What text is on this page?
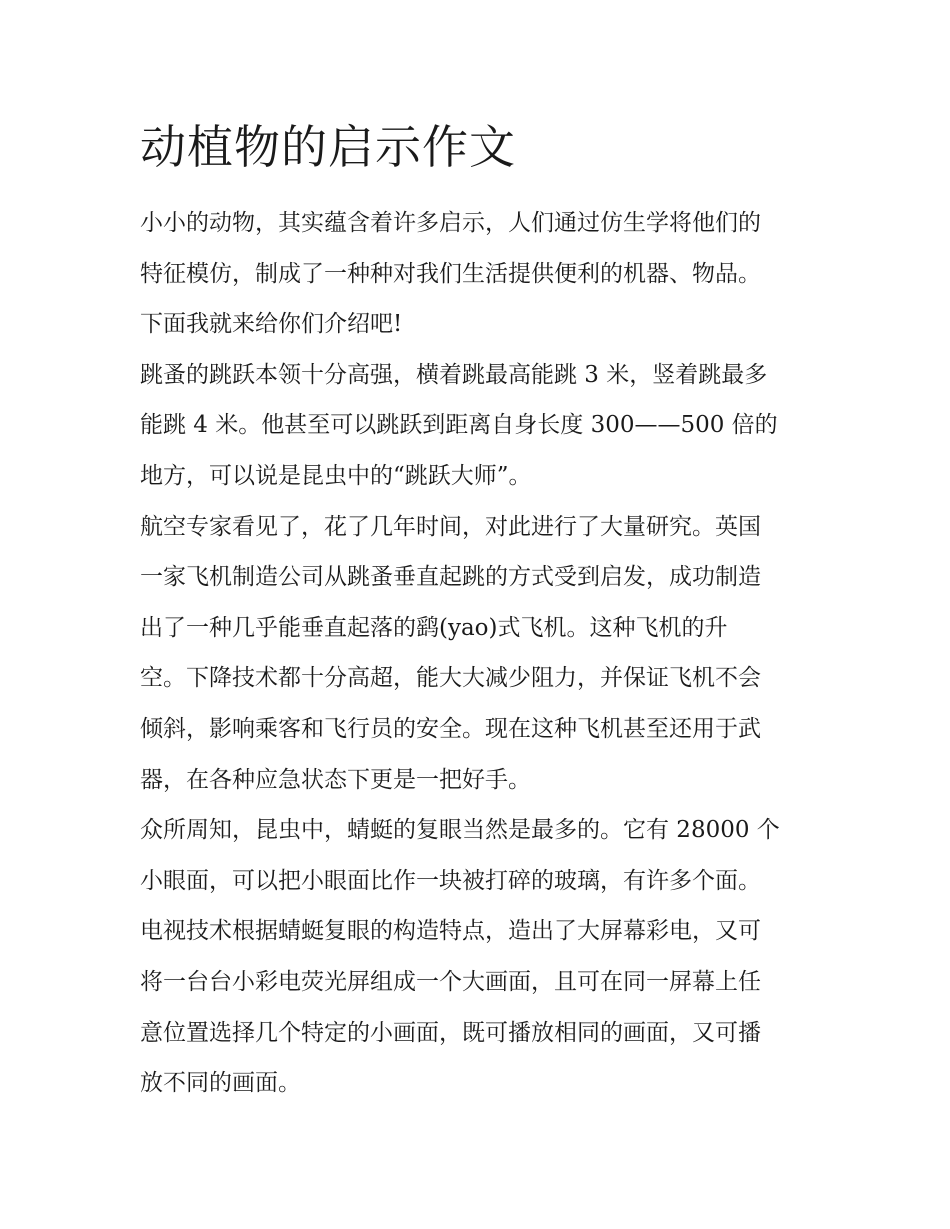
动植物的启示作文
小小的动物，其实蕴含着许多启示，人们通过仿生学将他们的
特征模仿，制成了一种种对我们生活提供便利的机器、物品。
下面我就来给你们介绍吧!
跳蚤的跳跃本领十分高强，横着跳最高能跳 3 米，竖着跳最多
能跳 4 米。他甚至可以跳跃到距离自身长度 300——500 倍的
地方，可以说是昆虫中的“跳跃大师”。
航空专家看见了，花了几年时间，对此进行了大量研究。英国
一家飞机制造公司从跳蚤垂直起跳的方式受到启发，成功制造
出了一种几乎能垂直起落的鹞(yao)式飞机。这种飞机的升
空。下降技术都十分高超，能大大减少阻力，并保证飞机不会
倾斜，影响乘客和飞行员的安全。现在这种飞机甚至还用于武
器，在各种应急状态下更是一把好手。
众所周知，昆虫中，蜻蜓的复眼当然是最多的。它有 28000 个
小眼面，可以把小眼面比作一块被打碎的玻璃，有许多个面。
电视技术根据蜻蜓复眼的构造特点，造出了大屏幕彩电，又可
将一台台小彩电荧光屏组成一个大画面，且可在同一屏幕上任
意位置选择几个特定的小画面，既可播放相同的画面，又可播
放不同的画面。
